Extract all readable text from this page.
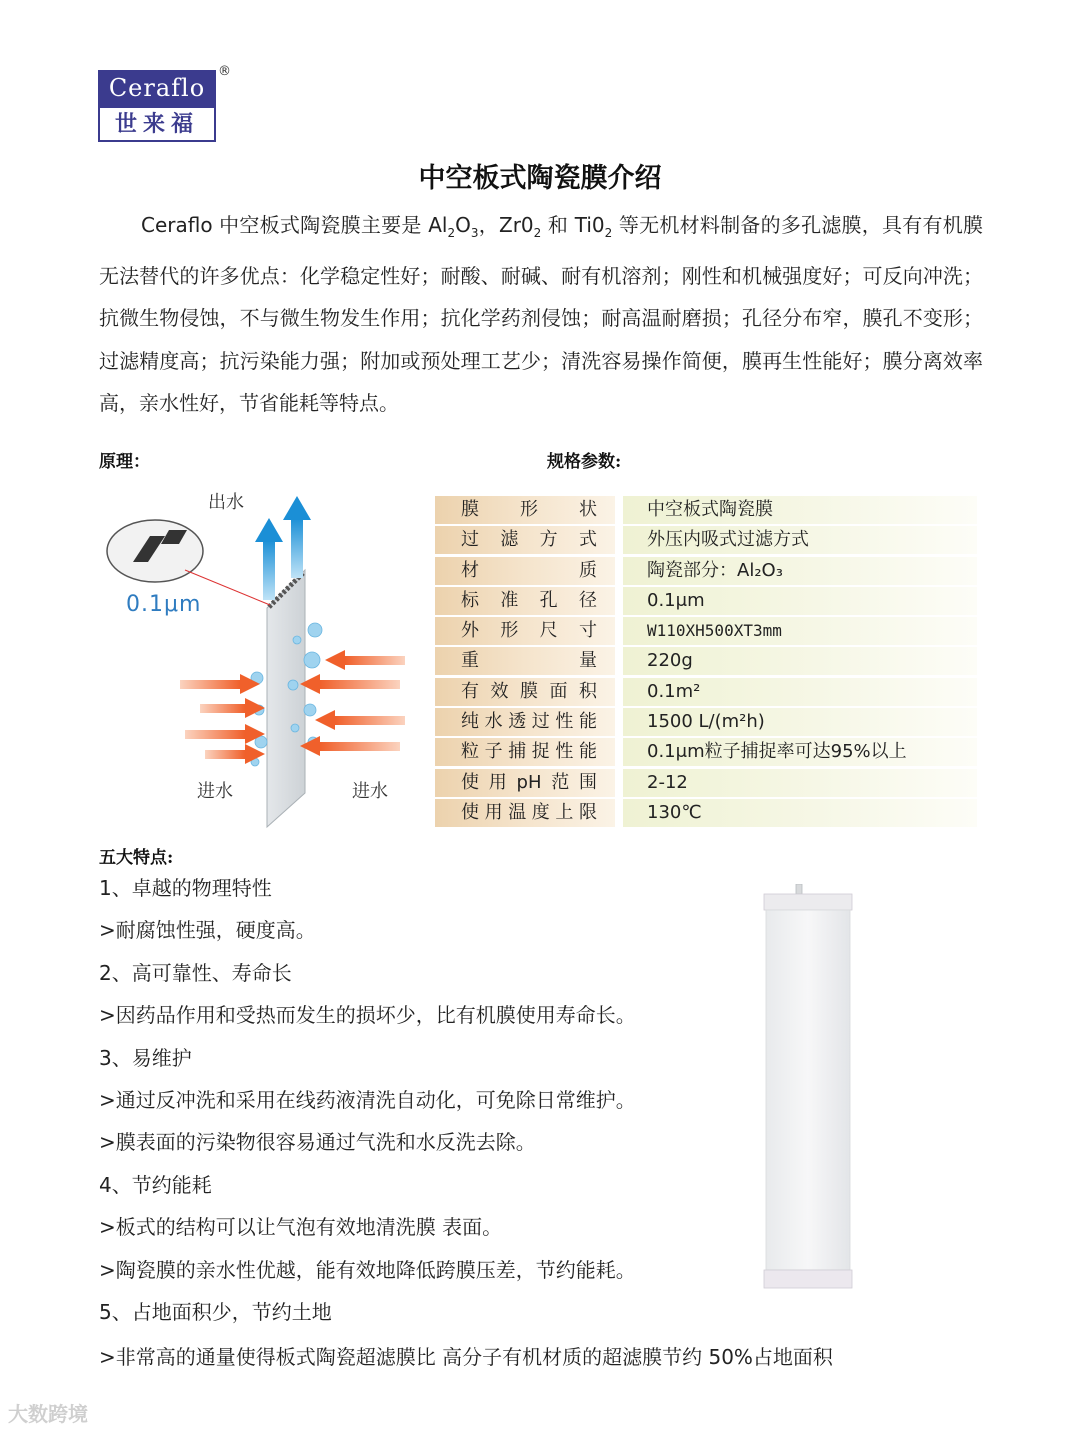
Ceraflo
世来福
®
中空板式陶瓷膜介绍
Ceraflo 中空板式陶瓷膜主要是 $Al_2O_3$，$Zr0_2$ 和 $Ti0_2$ 等无机材料制备的多孔滤膜，具有有机膜无法替代的许多优点：化学稳定性好；耐酸、耐碱、耐有机溶剂；刚性和机械强度好；可反向冲洗；抗微生物侵蚀，不与微生物发生作用；抗化学药剂侵蚀；耐高温耐磨损；孔径分布窄，膜孔不变形；过滤精度高；抗污染能力强；附加或预处理工艺少；清洗容易操作简便，膜再生性能好；膜分离效率高，亲水性好，节省能耗等特点。
原理：	规格参数:
出水
0.1μm
进水	进水
膜形状	中空板式陶瓷膜
过滤方式	外压内吸式过滤方式
材质	陶瓷部分：Al₂O₃
标准孔径	0.1μm
外形尺寸	W110XH500XT3mm
重量	220g
有效膜面积	0.1m²
纯水透过性能	1500 L/(m²h)
粒子捕捉性能	0.1μm粒子捕捉率可达95%以上
使用pH范围	2-12
使用温度上限	130℃
五大特点:
1、卓越的物理特性
>耐腐蚀性强，硬度高。
2、高可靠性、寿命长
>因药品作用和受热而发生的损坏少，比有机膜使用寿命长。
3、易维护
>通过反冲洗和采用在线药液清洗自动化，可免除日常维护。
>膜表面的污染物很容易通过气洗和水反洗去除。
4、节约能耗
>板式的结构可以让气泡有效地清洗膜 表面。
>陶瓷膜的亲水性优越，能有效地降低跨膜压差，节约能耗。
5、占地面积少，节约土地
>非常高的通量使得板式陶瓷超滤膜比 高分子有机材质的超滤膜节约 50%占地面积
大数跨境
